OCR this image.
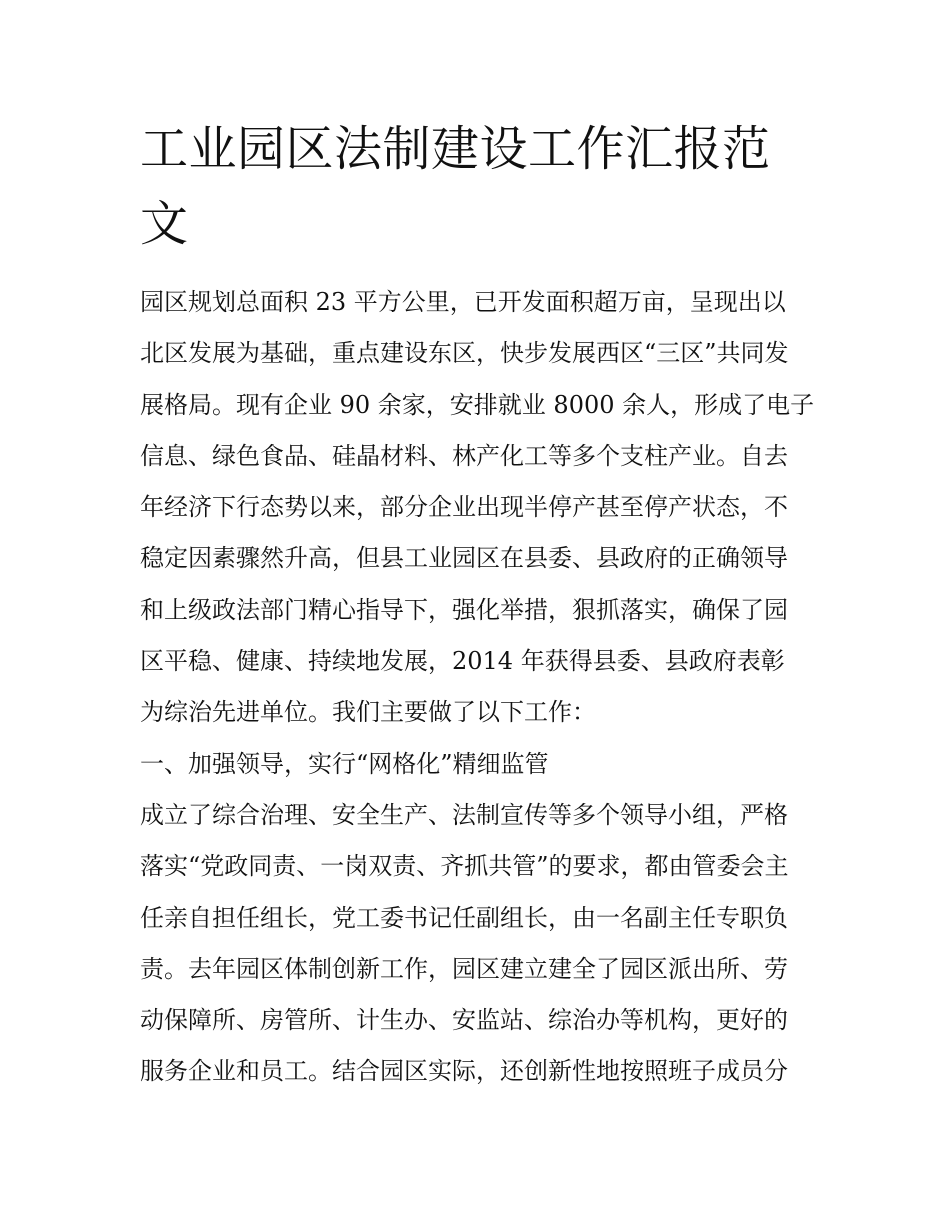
工业园区法制建设工作汇报范
文
园区规划总面积 23 平方公里，已开发面积超万亩，呈现出以
北区发展为基础，重点建设东区，快步发展西区“三区”共同发
展格局。现有企业 90 余家，安排就业 8000 余人，形成了电子
信息、绿色食品、硅晶材料、林产化工等多个支柱产业。自去
年经济下行态势以来，部分企业出现半停产甚至停产状态，不
稳定因素骤然升高，但县工业园区在县委、县政府的正确领导
和上级政法部门精心指导下，强化举措，狠抓落实，确保了园
区平稳、健康、持续地发展，2014 年获得县委、县政府表彰
为综治先进单位。我们主要做了以下工作：
一、加强领导，实行“网格化”精细监管
成立了综合治理、安全生产、法制宣传等多个领导小组，严格
落实“党政同责、一岗双责、齐抓共管”的要求，都由管委会主
任亲自担任组长，党工委书记任副组长，由一名副主任专职负
责。去年园区体制创新工作，园区建立建全了园区派出所、劳
动保障所、房管所、计生办、安监站、综治办等机构，更好的
服务企业和员工。结合园区实际，还创新性地按照班子成员分
